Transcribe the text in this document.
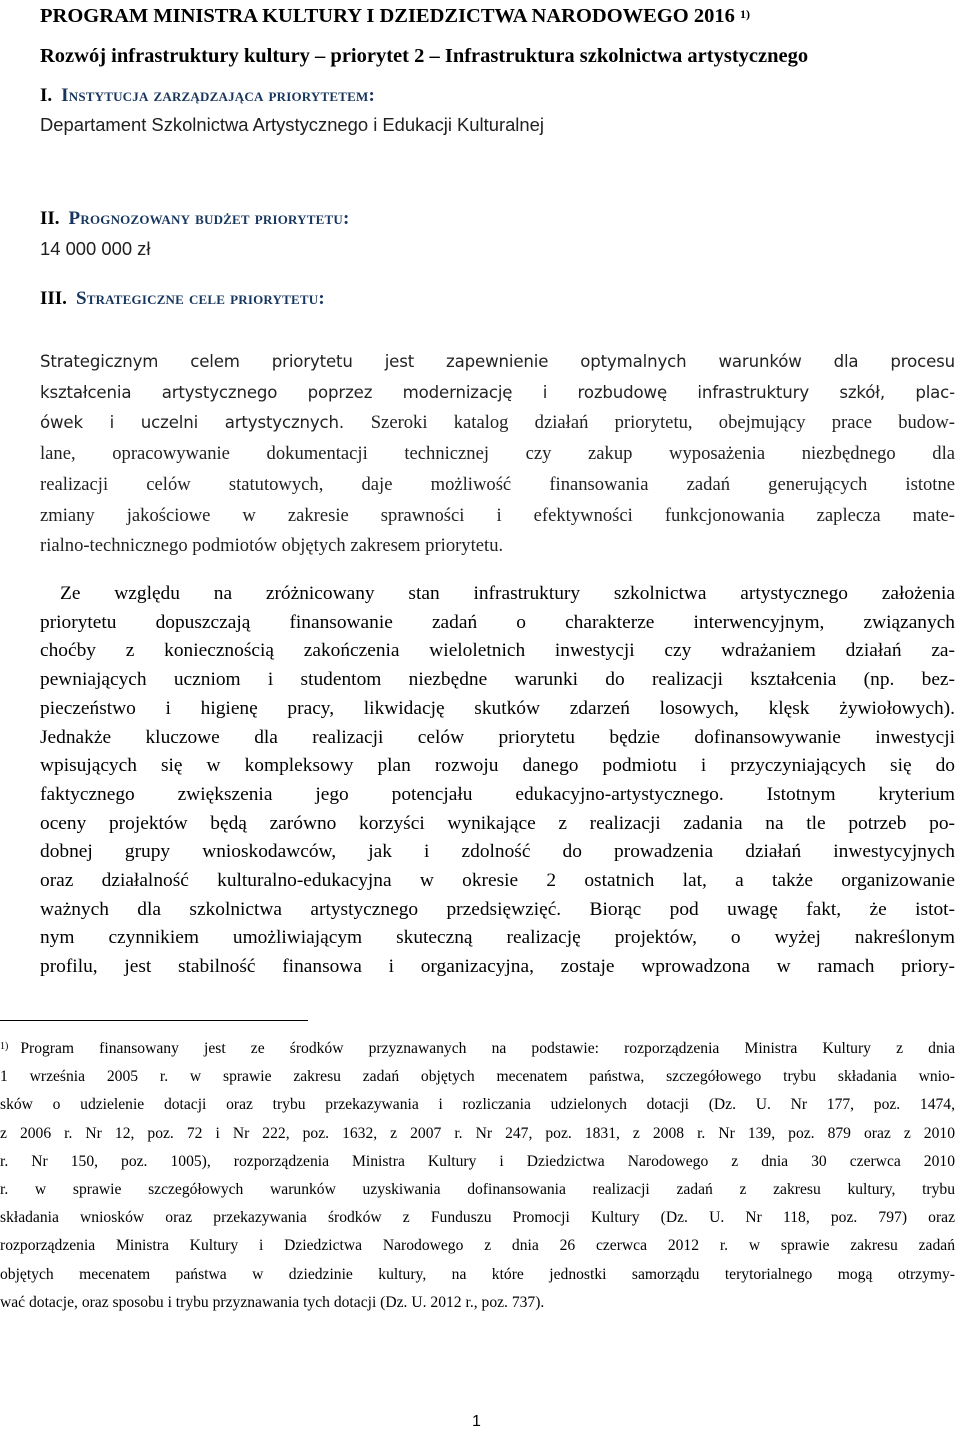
PROGRAM MINISTRA KULTURY I DZIEDZICTWA NARODOWEGO 2016 $^{1)}$
Rozwój infrastruktury kultury – priorytet 2 – Infrastruktura szkolnictwa artystycznego
I. Instytucja zarządzająca priorytetem:
Departament Szkolnictwa Artystycznego i Edukacji Kulturalnej
II. Prognozowany budżet priorytetu:
14 000 000 zł
III. Strategiczne cele priorytetu:
Strategicznym celem priorytetu jest zapewnienie optymalnych warunków dla procesu
kształcenia artystycznego poprzez modernizację i rozbudowę infrastruktury szkół, plac-
ówek i uczelni artystycznych. Szeroki katalog działań priorytetu, obejmujący prace budow-
lane, opracowywanie dokumentacji technicznej czy zakup wyposażenia niezbędnego dla
realizacji celów statutowych, daje możliwość finansowania zadań generujących istotne
zmiany jakościowe w zakresie sprawności i efektywności funkcjonowania zaplecza mate-
rialno-technicznego podmiotów objętych zakresem priorytetu.
Ze względu na zróżnicowany stan infrastruktury szkolnictwa artystycznego założenia
priorytetu dopuszczają finansowanie zadań o charakterze interwencyjnym, związanych
choćby z koniecznością zakończenia wieloletnich inwestycji czy wdrażaniem działań za-
pewniających uczniom i studentom niezbędne warunki do realizacji kształcenia (np. bez-
pieczeństwo i higienę pracy, likwidację skutków zdarzeń losowych, klęsk żywiołowych).
Jednakże kluczowe dla realizacji celów priorytetu będzie dofinansowywanie inwestycji
wpisujących się w kompleksowy plan rozwoju danego podmiotu i przyczyniających się do
faktycznego zwiększenia jego potencjału edukacyjno-artystycznego. Istotnym kryterium
oceny projektów będą zarówno korzyści wynikające z realizacji zadania na tle potrzeb po-
dobnej grupy wnioskodawców, jak i zdolność do prowadzenia działań inwestycyjnych
oraz działalność kulturalno-edukacyjna w okresie 2 ostatnich lat, a także organizowanie
ważnych dla szkolnictwa artystycznego przedsięwzięć. Biorąc pod uwagę fakt, że istot-
nym czynnikiem umożliwiającym skuteczną realizację projektów, o wyżej nakreślonym
profilu, jest stabilność finansowa i organizacyjna, zostaje wprowadzona w ramach priory-
$^{1)}$ Program finansowany jest ze środków przyznawanych na podstawie: rozporządzenia Ministra Kultury z dnia
1 września 2005 r. w sprawie zakresu zadań objętych mecenatem państwa, szczegółowego trybu składania wnio-
sków o udzielenie dotacji oraz trybu przekazywania i rozliczania udzielonych dotacji (Dz. U. Nr 177, poz. 1474,
z 2006 r. Nr 12, poz. 72 i Nr 222, poz. 1632, z 2007 r. Nr 247, poz. 1831, z 2008 r. Nr 139, poz. 879 oraz z 2010
r. Nr 150, poz. 1005), rozporządzenia Ministra Kultury i Dziedzictwa Narodowego z dnia 30 czerwca 2010
r. w sprawie szczegółowych warunków uzyskiwania dofinansowania realizacji zadań z zakresu kultury, trybu
składania wniosków oraz przekazywania środków z Funduszu Promocji Kultury (Dz. U. Nr 118, poz. 797) oraz
rozporządzenia Ministra Kultury i Dziedzictwa Narodowego z dnia 26 czerwca 2012 r. w sprawie zakresu zadań
objętych mecenatem państwa w dziedzinie kultury, na które jednostki samorządu terytorialnego mogą otrzymy-
wać dotacje, oraz sposobu i trybu przyznawania tych dotacji (Dz. U. 2012 r., poz. 737).
1
